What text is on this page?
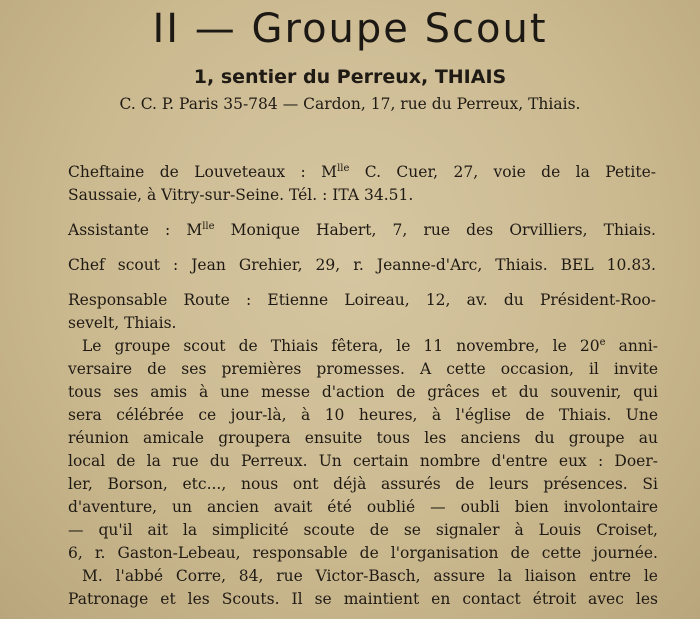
II — Groupe Scout
1, sentier du Perreux, THIAIS
C. C. P. Paris 35-784 — Cardon, 17, rue du Perreux, Thiais.
Cheftaine de Louveteaux : $M^{lle}$ C. Cuer, 27, voie de la Petite-
Saussaie, à Vitry-sur-Seine. Tél. : ITA 34.51.
Assistante : $M^{lle}$ Monique Habert, 7, rue des Orvilliers, Thiais.
Chef scout : Jean Grehier, 29, r. Jeanne-d'Arc, Thiais. BEL 10.83.
Responsable Route : Etienne Loireau, 12, av. du Président-Roo-
sevelt, Thiais.
Le groupe scout de Thiais fêtera, le 11 novembre, le 20e anni-
versaire de ses premières promesses. A cette occasion, il invite
tous ses amis à une messe d'action de grâces et du souvenir, qui
sera célébrée ce jour-là, à 10 heures, à l'église de Thiais. Une
réunion amicale groupera ensuite tous les anciens du groupe au
local de la rue du Perreux. Un certain nombre d'entre eux : Doer-
ler, Borson, etc..., nous ont déjà assurés de leurs présences. Si
d'aventure, un ancien avait été oublié — oubli bien involontaire
— qu'il ait la simplicité scoute de se signaler à Louis Croiset,
6, r. Gaston-Lebeau, responsable de l'organisation de cette journée.
M. l'abbé Corre, 84, rue Victor-Basch, assure la liaison entre le
Patronage et les Scouts. Il se maintient en contact étroit avec les
